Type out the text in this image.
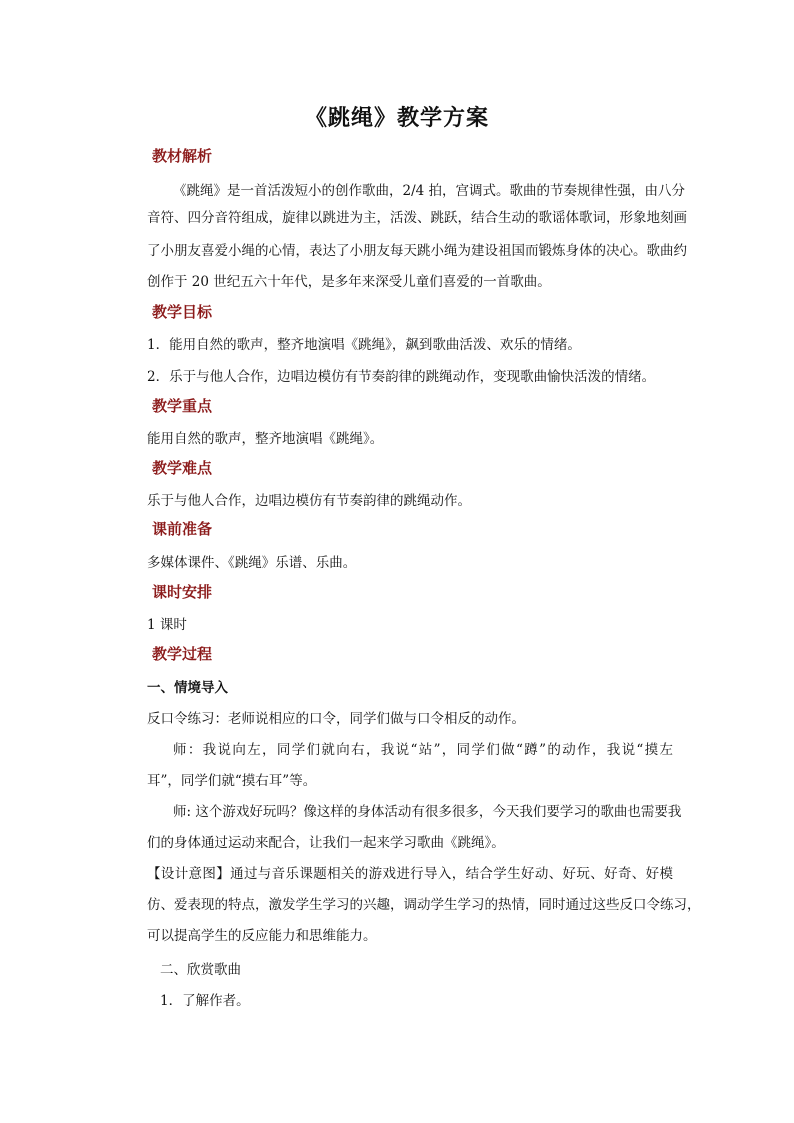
《跳绳》教学方案
教材解析
《跳绳》是一首活泼短小的创作歌曲，2/4 拍，宫调式。歌曲的节奏规律性强，由八分
音符、四分音符组成，旋律以跳进为主，活泼、跳跃，结合生动的歌谣体歌词，形象地刻画
了小朋友喜爱小绳的心情，表达了小朋友每天跳小绳为建设祖国而锻炼身体的决心。歌曲约
创作于 20 世纪五六十年代，是多年来深受儿童们喜爱的一首歌曲。
教学目标
1．能用自然的歌声，整齐地演唱《跳绳》，飙到歌曲活泼、欢乐的情绪。
2．乐于与他人合作，边唱边模仿有节奏韵律的跳绳动作，变现歌曲愉快活泼的情绪。
教学重点
能用自然的歌声，整齐地演唱《跳绳》。
教学难点
乐于与他人合作，边唱边模仿有节奏韵律的跳绳动作。
课前准备
多媒体课件、《跳绳》乐谱、乐曲。
课时安排
1 课时
教学过程
一、情境导入
反口令练习：老师说相应的口令，同学们做与口令相反的动作。
师：我说向左，同学们就向右，我说“站”，同学们做“蹲”的动作，我说“摸左
耳”，同学们就“摸右耳”等。
师: 这个游戏好玩吗？像这样的身体活动有很多很多，今天我们要学习的歌曲也需要我
们的身体通过运动来配合，让我们一起来学习歌曲《跳绳》。
【设计意图】通过与音乐课题相关的游戏进行导入，结合学生好动、好玩、好奇、好模
仿、爱表现的特点，激发学生学习的兴趣，调动学生学习的热情，同时通过这些反口令练习，
可以提高学生的反应能力和思维能力。
二、欣赏歌曲
1．了解作者。
